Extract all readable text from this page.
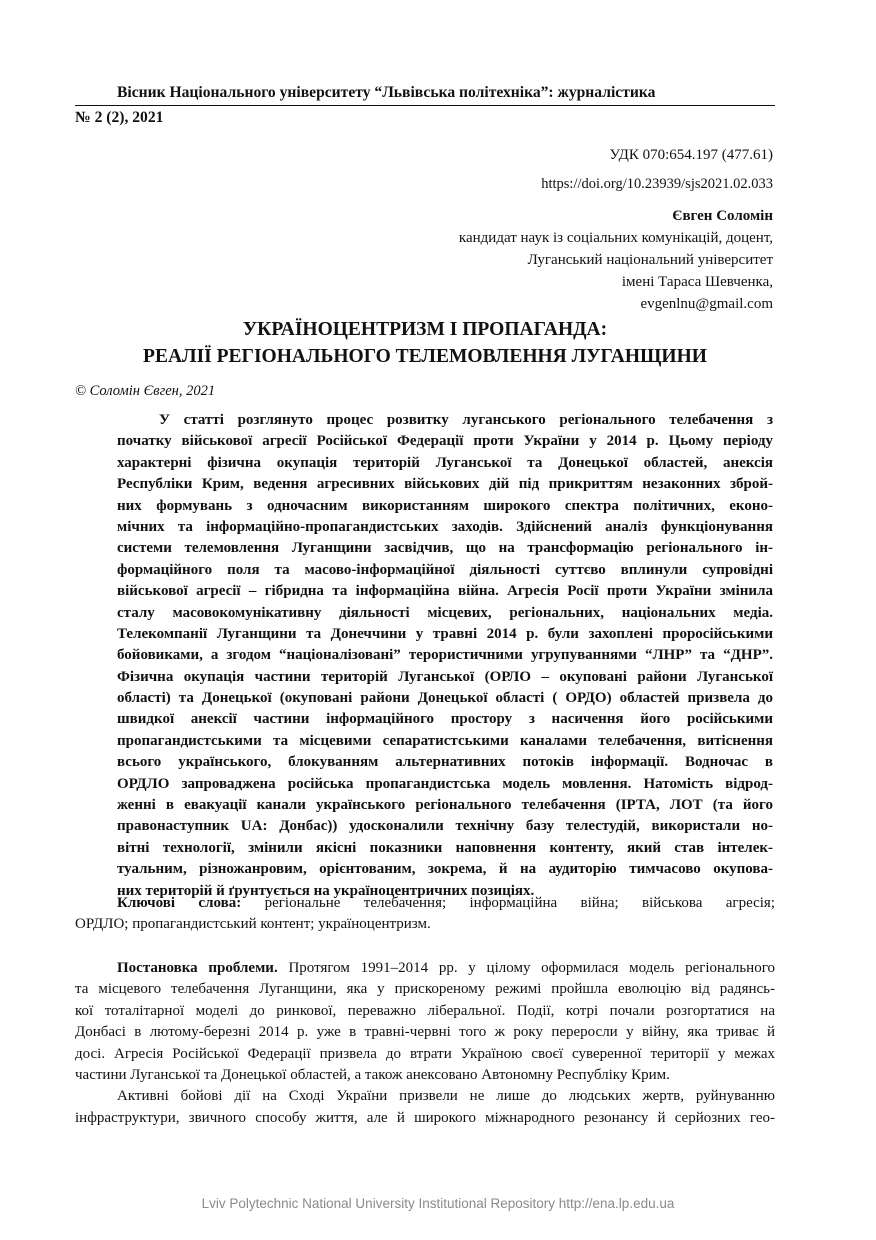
Вісник Національного університету “Львівська політехніка”: журналістика
№ 2 (2), 2021
УДК 070:654.197 (477.61)
https://doi.org/10.23939/sjs2021.02.033
Євген Соломін
кандидат наук із соціальних комунікацій, доцент,
Луганський національний університет
імені Тараса Шевченка,
evgenlnu@gmail.com
УКРАЇНОЦЕНТРИЗМ І ПРОПАГАНДА:
РЕАЛІЇ РЕГІОНАЛЬНОГО ТЕЛЕМОВЛЕННЯ ЛУГАНЩИНИ
© Соломін Євген, 2021
У статті розглянуто процес розвитку луганського регіонального телебачення з
початку військової агресії Російської Федерації проти України у 2014 р. Цьому періоду
характерні фізична окупація територій Луганської та Донецької областей, анексія
Республіки Крим, ведення агресивних військових дій під прикриттям незаконних зброй-
них формувань з одночасним використанням широкого спектра політичних, еконо-
мічних та інформаційно-пропагандистських заходів. Здійснений аналіз функціонування
системи телемовлення Луганщини засвідчив, що на трансформацію регіонального ін-
формаційного поля та масово-інформаційної діяльності суттєво вплинули супровідні
військової агресії – гібридна та інформаційна війна. Агресія Росії проти України змінила
сталу масовокомунікативну діяльності місцевих, регіональних, національних медіа.
Телекомпанії Луганщини та Донеччини у травні 2014 р. були захоплені проросійськими
бойовиками, а згодом “націоналізовані” терористичними угрупуваннями “ЛНР” та “ДНР”.
Фізична окупація частини територій Луганської (ОРЛО – окуповані райони Луганської
області) та Донецької (окуповані райони Донецької області ( ОРДО) областей призвела до
швидкої анексії частини інформаційного простору з насичення його російськими
пропагандистськими та місцевими сепаратистськими каналами телебачення, витіснення
всього українського, блокуванням альтернативних потоків інформації. Водночас в
ОРДЛО запроваджена російська пропагандистська модель мовлення. Натомість відрод-
женні в евакуації канали українського регіонального телебачення (ІРТА, ЛОТ (та його
правонаступник UA: Донбас)) удосконалили технічну базу телестудій, використали но-
вітні технології, змінили якісні показники наповнення контенту, який став інтелек-
туальним, різножанровим, орієнтованим, зокрема, й на аудиторію тимчасово окупова-
них територій й ґрунтується на україноцентричних позиціях.
Ключові слова: регіональне телебачення; інформаційна війна; військова агресія;
ОРДЛО; пропагандистський контент; україноцентризм.
Постановка проблеми. Протягом 1991–2014 рр. у цілому оформилася модель регіонального
та місцевого телебачення Луганщини, яка у прискореному режимі пройшла еволюцію від радянсь-
кої тоталітарної моделі до ринкової, переважно ліберальної. Події, котрі почали розгортатися на
Донбасі в лютому-березні 2014 р. уже в травні-червні того ж року переросли у війну, яка триває й
досі. Агресія Російської Федерації призвела до втрати Україною своєї суверенної території у межах
частини Луганської та Донецької областей, а також анексовано Автономну Республіку Крим.
Активні бойові дії на Сході України призвели не лише до людських жертв, руйнуванню
інфраструктури, звичного способу життя, але й широкого міжнародного резонансу й серйозних гео-
Lviv Polytechnic National University Institutional Repository http://ena.lp.edu.ua
